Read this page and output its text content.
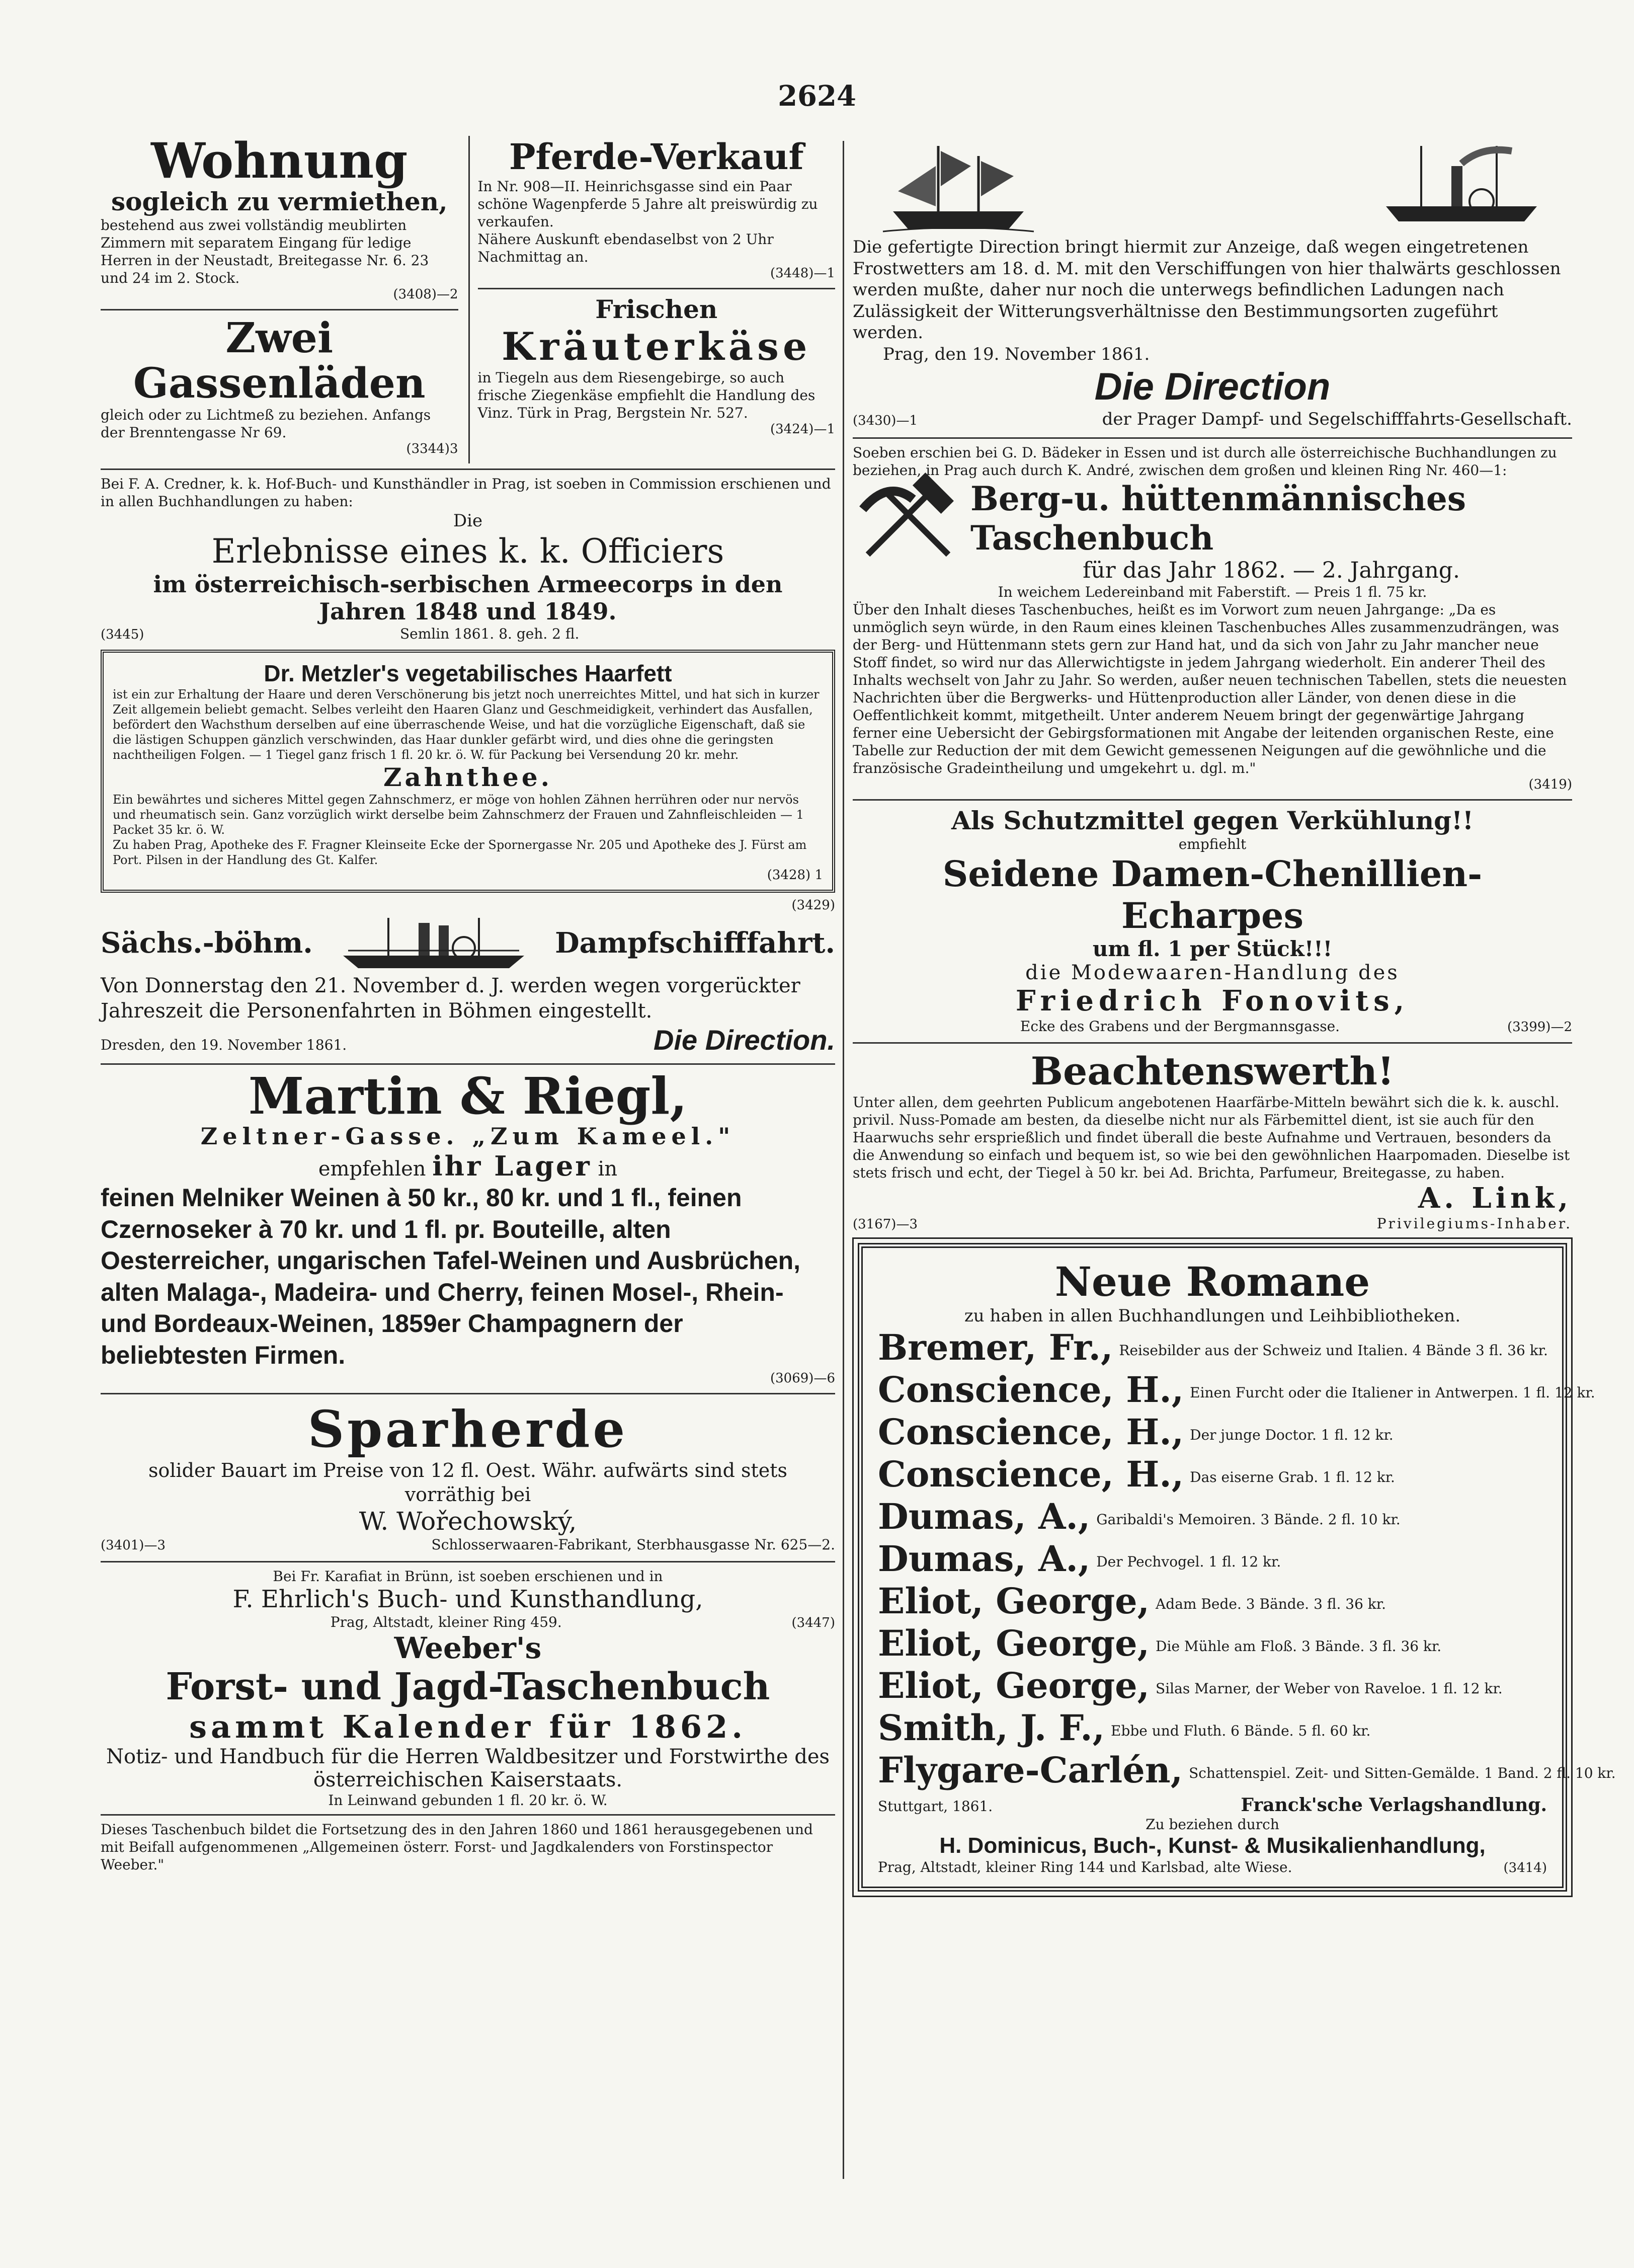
2624
Wohnung
sogleich zu vermiethen,
bestehend aus zwei vollständig meublirten Zimmern mit separatem Eingang für ledige Herren in der Neustadt, Breitegasse Nr. 6. 23 und 24 im 2. Stock.
(3408)—2
Zwei Gassenläden
gleich oder zu Lichtmeß zu beziehen. Anfangs der Brenntengasse Nr 69.
(3344)3
Pferde-Verkauf
In Nr. 908—II. Heinrichsgasse sind ein Paar schöne Wagenpferde 5 Jahre alt preiswürdig zu verkaufen.
Nähere Auskunft ebendaselbst von 2 Uhr Nachmittag an.
(3448)—1
Frischen
Kräuterkäse
in Tiegeln aus dem Riesengebirge, so auch frische Ziegenkäse empfiehlt die Handlung des Vinz. Türk in Prag, Bergstein Nr. 527.
(3424)—1
Bei F. A. Credner, k. k. Hof-Buch- und Kunsthändler in Prag, ist soeben in Commission erschienen und in allen Buchhandlungen zu haben:
Die
Erlebnisse eines k. k. Officiers
im österreichisch-serbischen Armeecorps in den
Jahren 1848 und 1849.
(3445)	Semlin 1861. 8. geh. 2 fl.
Dr. Metzler's vegetabilisches Haarfett
ist ein zur Erhaltung der Haare und deren Verschönerung bis jetzt noch unerreichtes Mittel, und hat sich in kurzer Zeit allgemein beliebt gemacht. Selbes verleiht den Haaren Glanz und Geschmeidigkeit, verhindert das Ausfallen, befördert den Wachsthum derselben auf eine überraschende Weise, und hat die vorzügliche Eigenschaft, daß sie die lästigen Schuppen gänzlich verschwinden, das Haar dunkler gefärbt wird, und dies ohne die geringsten nachtheiligen Folgen. — 1 Tiegel ganz frisch 1 fl. 20 kr. ö. W. für Packung bei Versendung 20 kr. mehr.
Zahnthee.
Ein bewährtes und sicheres Mittel gegen Zahnschmerz, er möge von hohlen Zähnen herrühren oder nur nervös und rheumatisch sein. Ganz vorzüglich wirkt derselbe beim Zahnschmerz der Frauen und Zahnfleischleiden — 1 Packet 35 kr. ö. W.
Zu haben Prag, Apotheke des F. Fragner Kleinseite Ecke der Spornergasse Nr. 205 und Apotheke des J. Fürst am Port. Pilsen in der Handlung des Gt. Kalfer.
(3428) 1
(3429)
Sächs.-böhm.	Dampfschifffahrt.
Von Donnerstag den 21. November d. J. werden wegen vorgerückter Jahreszeit die Personenfahrten in Böhmen eingestellt.
Dresden, den 19. November 1861.	Die Direction.
Martin & Riegl,
Zeltner-Gasse. „Zum Kameel."
empfehlen ihr Lager in
feinen Melniker Weinen à 50 kr., 80 kr. und 1 fl., feinen Czernoseker à 70 kr. und 1 fl. pr. Bouteille, alten Oesterreicher, ungarischen Tafel-Weinen und Ausbrüchen, alten Malaga-, Madeira- und Cherry, feinen Mosel-, Rhein- und Bordeaux-Weinen, 1859er Champagnern der beliebtesten Firmen.
(3069)—6
Sparherde
solider Bauart im Preise von 12 fl. Oest. Währ. aufwärts sind stets vorräthig bei
W. Wořechowský,
(3401)—3	Schlosserwaaren-Fabrikant, Sterbhausgasse Nr. 625—2.
Bei Fr. Karafiat in Brünn, ist soeben erschienen und in
F. Ehrlich's Buch- und Kunsthandlung,
Prag, Altstadt, kleiner Ring 459.	(3447)
Weeber's
Forst- und Jagd-Taschenbuch
sammt Kalender für 1862.
Notiz- und Handbuch für die Herren Waldbesitzer und Forstwirthe des österreichischen Kaiserstaats.
In Leinwand gebunden 1 fl. 20 kr. ö. W.
Dieses Taschenbuch bildet die Fortsetzung des in den Jahren 1860 und 1861 herausgegebenen und mit Beifall aufgenommenen „Allgemeinen österr. Forst- und Jagdkalenders von Forstinspector Weeber."
Die gefertigte Direction bringt hiermit zur Anzeige, daß wegen eingetretenen Frostwetters am 18. d. M. mit den Verschiffungen von hier thalwärts geschlossen werden mußte, daher nur noch die unterwegs befindlichen Ladungen nach Zulässigkeit der Witterungsverhältnisse den Bestimmungsorten zugeführt werden.
Prag, den 19. November 1861.
Die Direction
(3430)—1	der Prager Dampf- und Segelschifffahrts-Gesellschaft.
Soeben erschien bei G. D. Bädeker in Essen und ist durch alle österreichische Buchhandlungen zu beziehen, in Prag auch durch K. André, zwischen dem großen und kleinen Ring Nr. 460—1:
Berg-u. hüttenmännisches Taschenbuch
für das Jahr 1862. — 2. Jahrgang.
In weichem Ledereinband mit Faberstift. — Preis 1 fl. 75 kr.
Über den Inhalt dieses Taschenbuches, heißt es im Vorwort zum neuen Jahrgange: „Da es unmöglich seyn würde, in den Raum eines kleinen Taschenbuches Alles zusammenzudrängen, was der Berg- und Hüttenmann stets gern zur Hand hat, und da sich von Jahr zu Jahr mancher neue Stoff findet, so wird nur das Allerwichtigste in jedem Jahrgang wiederholt. Ein anderer Theil des Inhalts wechselt von Jahr zu Jahr. So werden, außer neuen technischen Tabellen, stets die neuesten Nachrichten über die Bergwerks- und Hüttenproduction aller Länder, von denen diese in die Oeffentlichkeit kommt, mitgetheilt. Unter anderem Neuem bringt der gegenwärtige Jahrgang ferner eine Uebersicht der Gebirgsformationen mit Angabe der leitenden organischen Reste, eine Tabelle zur Reduction der mit dem Gewicht gemessenen Neigungen auf die gewöhnliche und die französische Gradeintheilung und umgekehrt u. dgl. m."
(3419)
Als Schutzmittel gegen Verkühlung!!
empfiehlt
Seidene Damen-Chenillien-Echarpes
um fl. 1 per Stück!!!
die Modewaaren-Handlung des
Friedrich Fonovits,
Ecke des Grabens und der Bergmannsgasse.	(3399)—2
Beachtenswerth!
Unter allen, dem geehrten Publicum angebotenen Haarfärbe-Mitteln bewährt sich die k. k. auschl. privil. Nuss-Pomade am besten, da dieselbe nicht nur als Färbemittel dient, ist sie auch für den Haarwuchs sehr ersprießlich und findet überall die beste Aufnahme und Vertrauen, besonders da die Anwendung so einfach und bequem ist, so wie bei den gewöhnlichen Haarpomaden. Dieselbe ist stets frisch und echt, der Tiegel à 50 kr. bei Ad. Brichta, Parfumeur, Breitegasse, zu haben.
A. Link,
(3167)—3	Privilegiums-Inhaber.
Neue Romane
zu haben in allen Buchhandlungen und Leihbibliotheken.
Bremer, Fr., Reisebilder aus der Schweiz und Italien. 4 Bände 3 fl. 36 kr.
Conscience, H., Einen Furcht oder die Italiener in Antwerpen. 1 fl. 12 kr.
Conscience, H., Der junge Doctor. 1 fl. 12 kr.
Conscience, H., Das eiserne Grab. 1 fl. 12 kr.
Dumas, A., Garibaldi's Memoiren. 3 Bände. 2 fl. 10 kr.
Dumas, A., Der Pechvogel. 1 fl. 12 kr.
Eliot, George, Adam Bede. 3 Bände. 3 fl. 36 kr.
Eliot, George, Die Mühle am Floß. 3 Bände. 3 fl. 36 kr.
Eliot, George, Silas Marner, der Weber von Raveloe. 1 fl. 12 kr.
Smith, J. F., Ebbe und Fluth. 6 Bände. 5 fl. 60 kr.
Flygare-Carlén, Schattenspiel. Zeit- und Sitten-Gemälde. 1 Band. 2 fl. 10 kr.
Stuttgart, 1861.	Franck'sche Verlagshandlung.
Zu beziehen durch
H. Dominicus, Buch-, Kunst- & Musikalienhandlung,
Prag, Altstadt, kleiner Ring 144 und Karlsbad, alte Wiese.	(3414)
